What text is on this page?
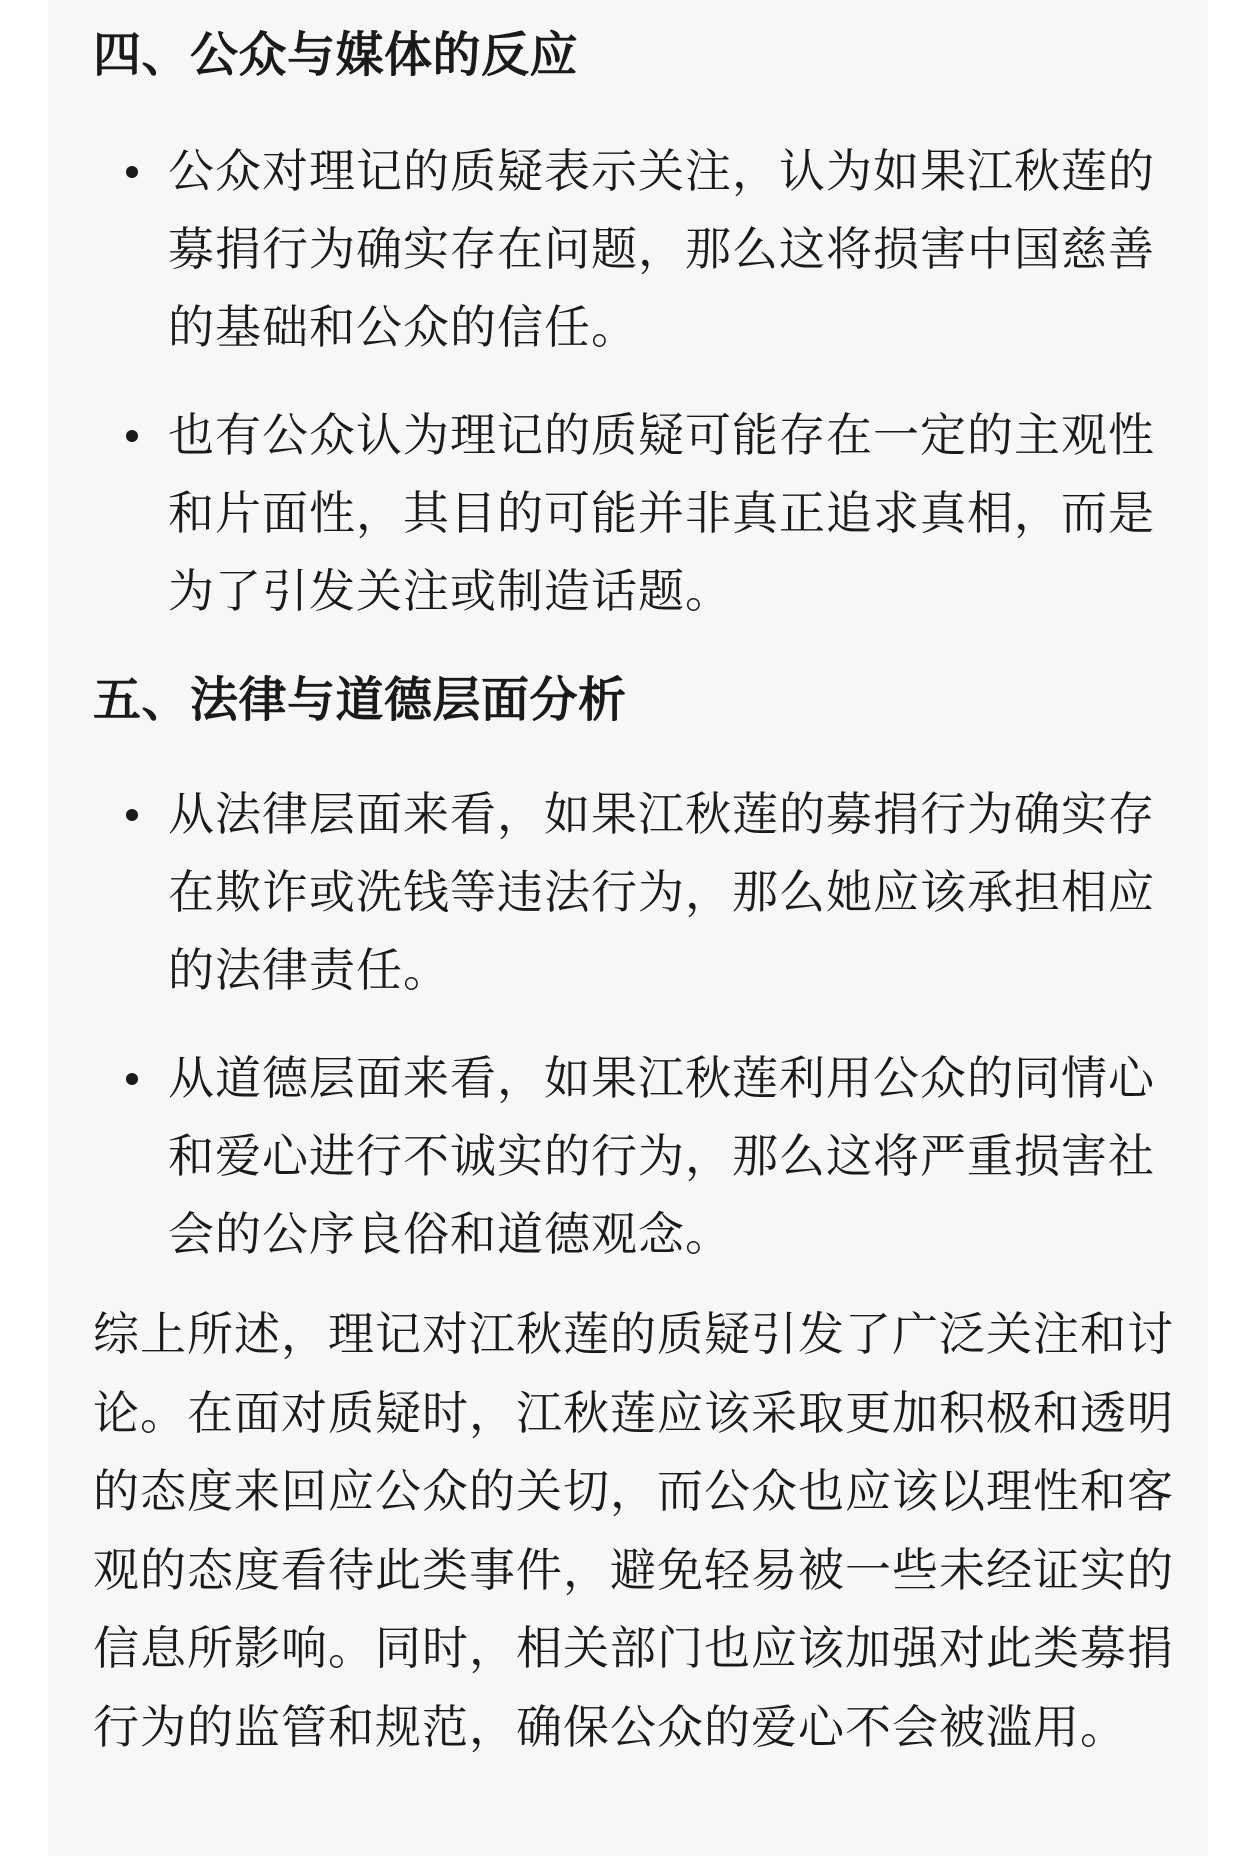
四、公众与媒体的反应
公众对理记的质疑表示关注，认为如果江秋莲的募捐行为确实存在问题，那么这将损害中国慈善的基础和公众的信任。
也有公众认为理记的质疑可能存在一定的主观性和片面性，其目的可能并非真正追求真相，而是为了引发关注或制造话题。
五、法律与道德层面分析
从法律层面来看，如果江秋莲的募捐行为确实存在欺诈或洗钱等违法行为，那么她应该承担相应的法律责任。
从道德层面来看，如果江秋莲利用公众的同情心和爱心进行不诚实的行为，那么这将严重损害社会的公序良俗和道德观念。

综上所述，理记对江秋莲的质疑引发了广泛关注和讨论。在面对质疑时，江秋莲应该采取更加积极和透明的态度来回应公众的关切，而公众也应该以理性和客观的态度看待此类事件，避免轻易被一些未经证实的信息所影响。同时，相关部门也应该加强对此类募捐行为的监管和规范，确保公众的爱心不会被滥用。
